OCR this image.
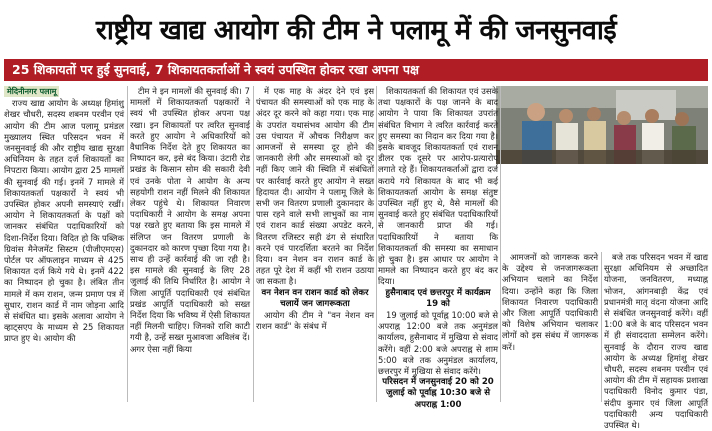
राष्ट्रीय खाद्य आयोग की टीम ने पलामू में की जनसुनवाई
25 शिकायतों पर हुई सुनवाई, 7 शिकायतकर्ताओं ने स्वयं उपस्थित होकर रखा अपना पक्ष
मेदिनीनगर पलामू

राज्य खाद्य आयोग के अध्यक्ष हिमांशु शेखर चौधरी, सदस्य शबनम परवीन एवं आयोग की टीम आज पलामू प्रमंडल मुख्यालय स्थित परिसदन भवन में जनसुनवाई की और राष्ट्रीय खाद्य सुरक्षा अधिनियम के तहत दर्ज शिकायतों का निपटारा किया। आयोग द्वारा 25 मामलों की सुनवाई की गई। इनमें 7 मामले में शिकायतकर्ता पक्षकारों ने स्वयं भी उपस्थित होकर अपनी समस्याएं रखीं। आयोग ने शिकायतकर्ता के पक्षों को जानकर संबंधित पदाधिकारियों को दिशा-निर्देश दिया। विदित हो कि पब्लिक ग्रिवांस मैनेजमेंट सिस्टम (पीजीएमएस) पोर्टल पर ऑफलाइन माध्यम से 425 शिकायत दर्ज किये गये थे। इनमें 422 का निष्पादन हो चुका है। लंबित तीन मामले में कम राशन, जन्म प्रमाण पत्र में सुधार, राशन कार्ड में नाम जोड़ना आदि से संबंधित था। इसके अलावा आयोग ने व्हाट्सएप के माध्यम से 25 शिकायत प्राप्त हुए थे। आयोग की

टीम ने इन मामलों की सुनवाई की। 7 मामलों में शिकायतकर्ता पक्षकारों ने स्वयं भी उपस्थित होकर अपना पक्ष रखा। इन शिकायतों पर त्वरित सुनवाई करते हुए आयोग ने अधिकारियों को वैधानिक निर्देश देते हुए शिकायत का निष्पादन कर, इसे बंद किया। उंटारी रोड प्रखंड के किसान सोम की सकारी देवी एवं उनके पोता ने आयोग के अन्य सहयोगी राशन नहीं मिलने की शिकायत लेकर पहुंचे थे। शिकायत निवारण पदाधिकारी ने आयोग के समक्ष अपना पक्ष रखते हुए बताया कि इस मामले में संलिप्त जन वितरण प्रणाली के दुकानदार को कारण पृच्छा दिया गया है। साथ ही उन्हें कार्रवाई की जा रही है। इस मामले की सुनवाई के लिए 28 जुलाई की तिथि निर्धारित है। आयोग ने जिला आपूर्ति पदाधिकारी एवं संबंधित प्रखंड आपूर्ति पदाधिकारी को सख्त निर्देश दिया कि भविष्य में ऐसी शिकायत नहीं मिलनी चाहिए। जिनको राशि काटी गयी है, उन्हें सख्त मुआवजा अविलंब दें। अगर ऐसा नहीं किया

में एक माह के अंदर देने एवं इस पंचायत की समस्याओं को एक माह के अंदर दूर करने को कहा गया। एक माह के उपरांत यथासंभव आयोग की टीम उस पंचायत में औचक निरीक्षण कर आमजनों से समस्या दूर होने की जानकारी लेगी और समस्याओं को दूर नहीं किए जाने की स्थिति में संबंधितों पर कार्रवाई करते हुए आयोग ने सख्त हिदायत दी। आयोग ने पलामू जिले के सभी जन वितरण प्रणाली दुकानदार के पास रहने वाले सभी लाभुकों का नाम एवं राशन कार्ड संख्या अपडेट करने, वितरण रजिस्टर सही ढंग से संधारित करने एवं पारदर्शिता बरतने का निर्देश दिया। वन नेशन वन राशन कार्ड के तहत पूरे देश में कहीं भी राशन उठाया जा सकता है।

वन नेशन वन राशन कार्ड को लेकर चलायें जन जागरूकता

आयोग की टीम ने "वन नेशन वन राशन कार्ड" के संबंध में

शिकायतकर्ता की शिकायत एवं उसके तथा पक्षकारों के पक्ष जानने के बाद आयोग ने पाया कि शिकायत उपरांत संबंधित विभाग ने त्वरित कार्रवाई करते हुए समस्या का निदान कर दिया गया है। इसके बावजूद शिकायतकर्ता एवं राशन डीलर एक दूसरे पर आरोप-प्रत्यारोप लगाते रहे हैं। शिकायतकर्ताओं द्वारा दर्ज कराये गये शिकायत के बाद भी कई शिकायतकर्ता आयोग के समक्ष संतुष्ट उपस्थित नहीं हुए थे, वैसे मामलों की सुनवाई करते हुए संबंधित पदाधिकारियों से जानकारी प्राप्त की गई। पदाधिकारियों ने बताया कि शिकायतकर्ता की समस्या का समाधान हो चुका है। इस आधार पर आयोग ने मामले का निष्पादन करते हुए बंद कर दिया।

हुसैनाबाद एवं छत्तरपुर में कार्यक्रम 19 को

19 जुलाई को पूर्वाह्न 10:00 बजे से अपराह्न 12:00 बजे तक अनुमंडल कार्यालय, हुसैनाबाद में मुखिया से संवाद करेंगे। वहीं 2:00 बजे अपराह्न से शाम 5:00 बजे तक अनुमंडल कार्यालय, छत्तरपुर में मुखिया से संवाद करेंगे।

परिसदन में जनसुनवाई 20 को 20 जुलाई को पूर्वाह्न 10:30 बजे से अपराह्न 1:00

आमजनों को जागरूक करने के उद्देश्य से जनजागरूकता अभियान चलाने का निर्देश दिया। उन्होंने कहा कि जिला शिकायत निवारण पदाधिकारी और जिला आपूर्ति पदाधिकारी को विशेष अभियान चलाकर लोगों को इस संबंध में जागरूक करें।

बजे तक परिसदन भवन में खाद्य सुरक्षा अधिनियम से अच्छादित योजना, जनवितरण, मध्याह्न भोजन, आंगनबाड़ी केंद्र एवं प्रधानमंत्री मातृ वंदना योजना आदि से संबंधित जनसुनवाई करेंगे। वहीं 1:00 बजे के बाद परिसदन भवन में ही संवाददाता सम्मेलन करेंगे। सुनवाई के दौरान राज्य खाद्य आयोग के अध्यक्ष हिमांशु शेखर चौधरी, सदस्य शबनम परवीन एवं आयोग की टीम में सहायक प्रशाखा पदाधिकारी विनोद कुमार पंडा, संदीप कुमार एवं जिला आपूर्ति पदाधिकारी अन्य पदाधिकारी उपस्थित थे।
